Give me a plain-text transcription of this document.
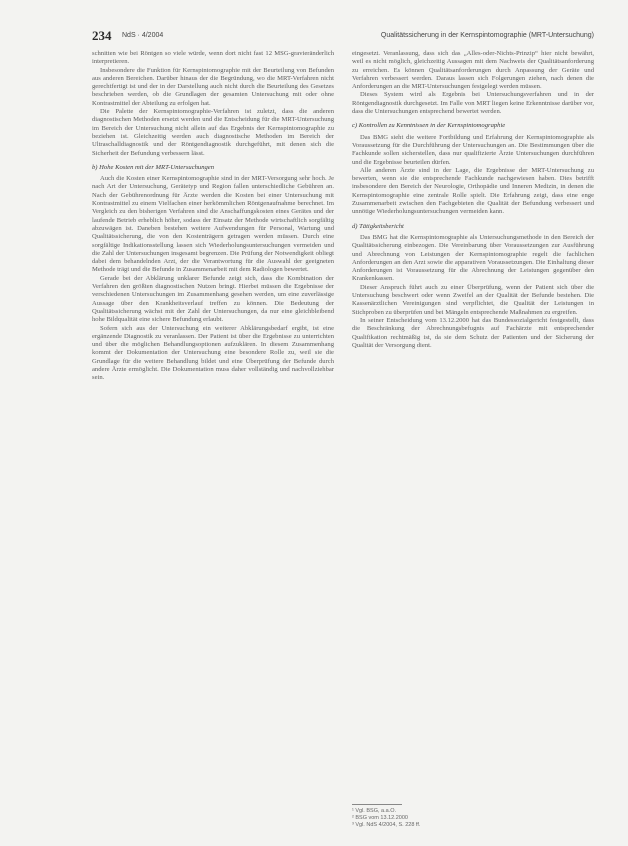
234 NdS · 4/2004	Qualitätssicherung in der Kernspintomographie (MRT-Untersuchung)

schnitten wie bei Röntgen so viele würde, wenn dort nicht fast 12 MSG-gravieränderlich interpretieren.

Insbesondere die Funktion für Kernspintomographie mit der Beurteilung von Befunden aus anderen Bereichen. Darüber hinaus der die Begründung, wo die MRT-Verfahren nicht gerechtfertigt ist und der in der Darstellung auch nicht durch die Beurteilung des Gesetzes beschrieben werden, ob die Grundlagen der gesamten Untersuchung mit oder ohne Kontrastmittel der Abteilung zu erfolgen hat.

Die Palette der Kernspintomographie-Verfahren ist zuletzt, dass die anderen diagnostischen Methoden ersetzt werden und die Entscheidung für die MRT-Untersuchung im Bereich der Untersuchung nicht allein auf das Ergebnis der Kernspintomographie zu beziehen ist. Gleichzeitig werden auch diagnostische Methoden im Bereich der Ultraschalldiagnostik und der Röntgendiagnostik durchgeführt, mit denen sich die Sicherheit der Befundung verbessern lässt.

b) Hohe Kosten mit der MRT-Untersuchungen

Auch die Kosten einer Kernspintomographie sind in der MRT-Versorgung sehr hoch. Je nach Art der Untersuchung, Gerätetyp und Region fallen unterschiedliche Gebühren an. Nach der Gebührenordnung für Ärzte werden die Kosten bei einer Untersuchung mit Kontrastmittel zu einem Vielfachen einer herkömmlichen Röntgenaufnahme berechnet. Im Vergleich zu den bisherigen Verfahren sind die Anschaffungskosten eines Gerätes und der laufende Betrieb erheblich höher, sodass der Einsatz der Methode wirtschaftlich sorgfältig abzuwägen ist. Daneben bestehen weitere Aufwendungen für Personal, Wartung und Qualitätssicherung, die von den Kostenträgern getragen werden müssen. Durch eine sorgfältige Indikationsstellung lassen sich Wiederholungsuntersuchungen vermeiden und die Zahl der Untersuchungen insgesamt begrenzen. Die Prüfung der Notwendigkeit obliegt dabei dem behandelnden Arzt, der die Verantwortung für die Auswahl der geeigneten Methode trägt und die Befunde in Zusammenarbeit mit dem Radiologen bewertet.

Gerade bei der Abklärung unklarer Befunde zeigt sich, dass die Kombination der Verfahren den größten diagnostischen Nutzen bringt. Hierbei müssen die Ergebnisse der verschiedenen Untersuchungen im Zusammenhang gesehen werden, um eine zuverlässige Aussage über den Krankheitsverlauf treffen zu können. Die Bedeutung der Qualitätssicherung wächst mit der Zahl der Untersuchungen, da nur eine gleichbleibend hohe Bildqualität eine sichere Befundung erlaubt.

Sofern sich aus der Untersuchung ein weiterer Abklärungsbedarf ergibt, ist eine ergänzende Diagnostik zu veranlassen. Der Patient ist über die Ergebnisse zu unterrichten und über die möglichen Behandlungsoptionen aufzuklären. In diesem Zusammenhang kommt der Dokumentation der Untersuchung eine besondere Rolle zu, weil sie die Grundlage für die weitere Behandlung bildet und eine Überprüfung der Befunde durch andere Ärzte ermöglicht. Die Dokumentation muss daher vollständig und nachvollziehbar sein.

eingesetzt. Veranlassung, dass sich das „Alles-oder-Nichts-Prinzip“ hier nicht bewährt, weil es nicht möglich, gleichzeitig Aussagen mit dem Nachweis der Qualitätsanforderung zu erreichen. Es können Qualitätsanforderungen durch Anpassung der Geräte und Verfahren verbessert werden. Daraus lassen sich Folgerungen ziehen, nach denen die Anforderungen an die MRT-Untersuchungen festgelegt werden müssen.

Dieses System wird als Ergebnis bei Untersuchungsverfahren und in der Röntgendiagnostik durchgesetzt. Im Falle von MRT liegen keine Erkenntnisse darüber vor, dass die Untersuchungen entsprechend bewertet werden.

c) Kontrollen zu Kenntnissen in der Kernspintomographie

Das BMG sieht die weitere Fortbildung und Erfahrung der Kernspintomographie als Voraussetzung für die Durchführung der Untersuchungen an. Die Bestimmungen über die Fachkunde sollen sicherstellen, dass nur qualifizierte Ärzte Untersuchungen durchführen und die Ergebnisse beurteilen dürfen.

Alle anderen Ärzte sind in der Lage, die Ergebnisse der MRT-Untersuchung zu bewerten, wenn sie die entsprechende Fachkunde nachgewiesen haben. Dies betrifft insbesondere den Bereich der Neurologie, Orthopädie und Inneren Medizin, in denen die Kernspintomographie eine zentrale Rolle spielt. Die Erfahrung zeigt, dass eine enge Zusammenarbeit zwischen den Fachgebieten die Qualität der Befundung verbessert und unnötige Wiederholungsuntersuchungen vermeiden kann.

d) Tätigkeitsbericht

Das BMG hat die Kernspintomographie als Untersuchungsmethode in den Bereich der Qualitätssicherung einbezogen. Die Vereinbarung über Voraussetzungen zur Ausführung und Abrechnung von Leistungen der Kernspintomographie regelt die fachlichen Anforderungen an den Arzt sowie die apparativen Voraussetzungen. Die Einhaltung dieser Anforderungen ist Voraussetzung für die Abrechnung der Leistungen gegenüber den Krankenkassen.

Dieser Anspruch führt auch zu einer Überprüfung, wenn der Patient sich über die Untersuchung beschwert oder wenn Zweifel an der Qualität der Befunde bestehen. Die Kassenärztlichen Vereinigungen sind verpflichtet, die Qualität der Leistungen in Stichproben zu überprüfen und bei Mängeln entsprechende Maßnahmen zu ergreifen.

In seiner Entscheidung vom 13.12.2000 hat das Bundessozialgericht festgestellt, dass die Beschränkung der Abrechnungsbefugnis auf Fachärzte mit entsprechender Qualifikation rechtmäßig ist, da sie dem Schutz der Patienten und der Sicherung der Qualität der Versorgung dient.

¹ Vgl. BSG, a.a.O.
² BSG vom 13.12.2000
³ Vgl. NdS 4/2004, S. 228 ff.
